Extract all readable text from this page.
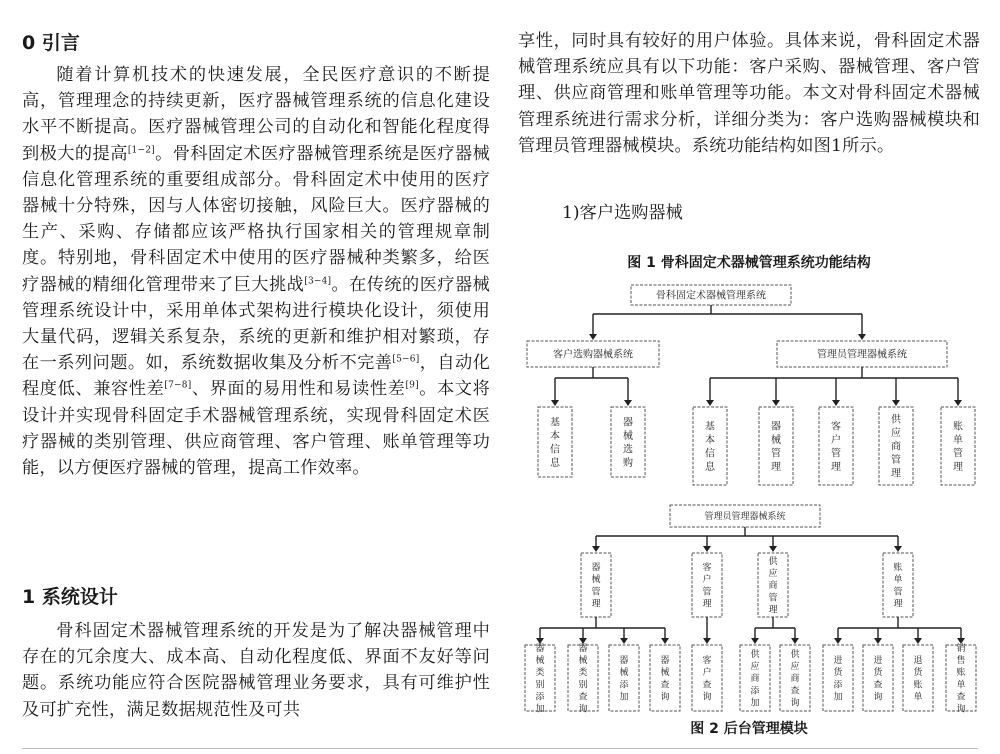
0 引言

随着计算机技术的快速发展，全民医疗意识的不断提高，管理理念的持续更新，医疗器械管理系统的信息化建设水平不断提高。医疗器械管理公司的自动化和智能化程度得到极大的提高[1−2]。骨科固定术医疗器械管理系统是医疗器械信息化管理系统的重要组成部分。骨科固定术中使用的医疗器械十分特殊，因与人体密切接触，风险巨大。医疗器械的生产、采购、存储都应该严格执行国家相关的管理规章制度。特别地，骨科固定术中使用的医疗器械种类繁多，给医疗器械的精细化管理带来了巨大挑战[3−4]。在传统的医疗器械管理系统设计中，采用单体式架构进行模块化设计，须使用大量代码，逻辑关系复杂，系统的更新和维护相对繁琐，存在一系列问题。如，系统数据收集及分析不完善[5−6]，自动化程度低、兼容性差[7−8]、界面的易用性和易读性差[9]。本文将设计并实现骨科固定手术器械管理系统，实现骨科固定术医疗器械的类别管理、供应商管理、客户管理、账单管理等功能，以方便医疗器械的管理，提高工作效率。

1 系统设计

骨科固定术器械管理系统的开发是为了解决器械管理中存在的冗余度大、成本高、自动化程度低、界面不友好等问题。系统功能应符合医院器械管理业务要求，具有可维护性及可扩充性，满足数据规范性及可共

享性，同时具有较好的用户体验。具体来说，骨科固定术器械管理系统应具有以下功能：客户采购、器械管理、客户管理、供应商管理和账单管理等功能。本文对骨科固定术器械管理系统进行需求分析，详细分类为：客户选购器械模块和管理员管理器械模块。系统功能结构如图1所示。

1)客户选购器械

图 1 骨科固定术器械管理系统功能结构

图 2 后台管理模块

骨科固定术器械管理系统
客户选购器械系统	管理员管理器械系统
基本信息
器械选购
基本信息
器械管理
客户管理
供应商管理
账单管理
管理员管理器械系统
器械管理
客户管理
供应商管理
账单管理
器械类别添加
器械类别查询
器械添加
器械查询
客户查询
供应商添加
供应商查询
进货添加
进货查询
退货账单
销售账单查询
